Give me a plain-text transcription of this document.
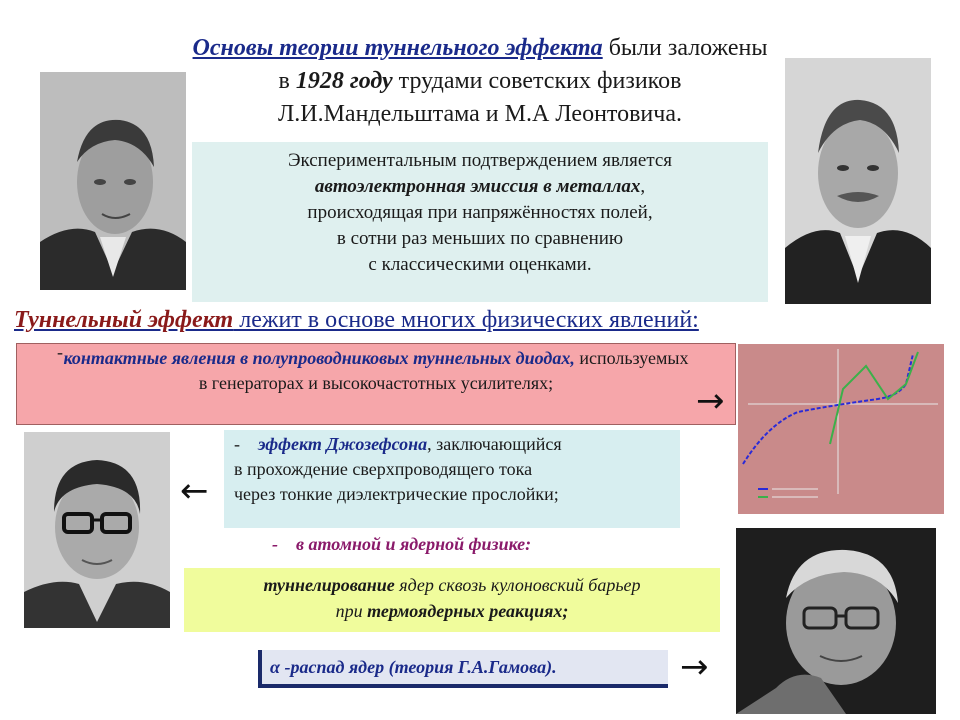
Основы теории туннельного эффекта были заложены
в 1928 году трудами советских физиков
Л.И.Мандельштама и М.А Леонтовича.
Экспериментальным подтверждением является
автоэлектронная эмиссия в металлах,
происходящая при напряжённостях полей,
в сотни раз меньших по сравнению
с классическими оценками.
Туннельный эффект лежит в основе многих физических явлений:
- контактные явления в полупроводниковых туннельных диодах, используемых в генераторах и высокочастотных усилителях;	→
←
- эффект Джозефсона, заключающийся
в прохождение сверхпроводящего тока
через тонкие диэлектрические прослойки;
- в атомной и ядерной физике:
туннелирование ядер сквозь кулоновский барьер
при термоядерных реакциях;
α -распад ядер (теория Г.А.Гамова).	→
